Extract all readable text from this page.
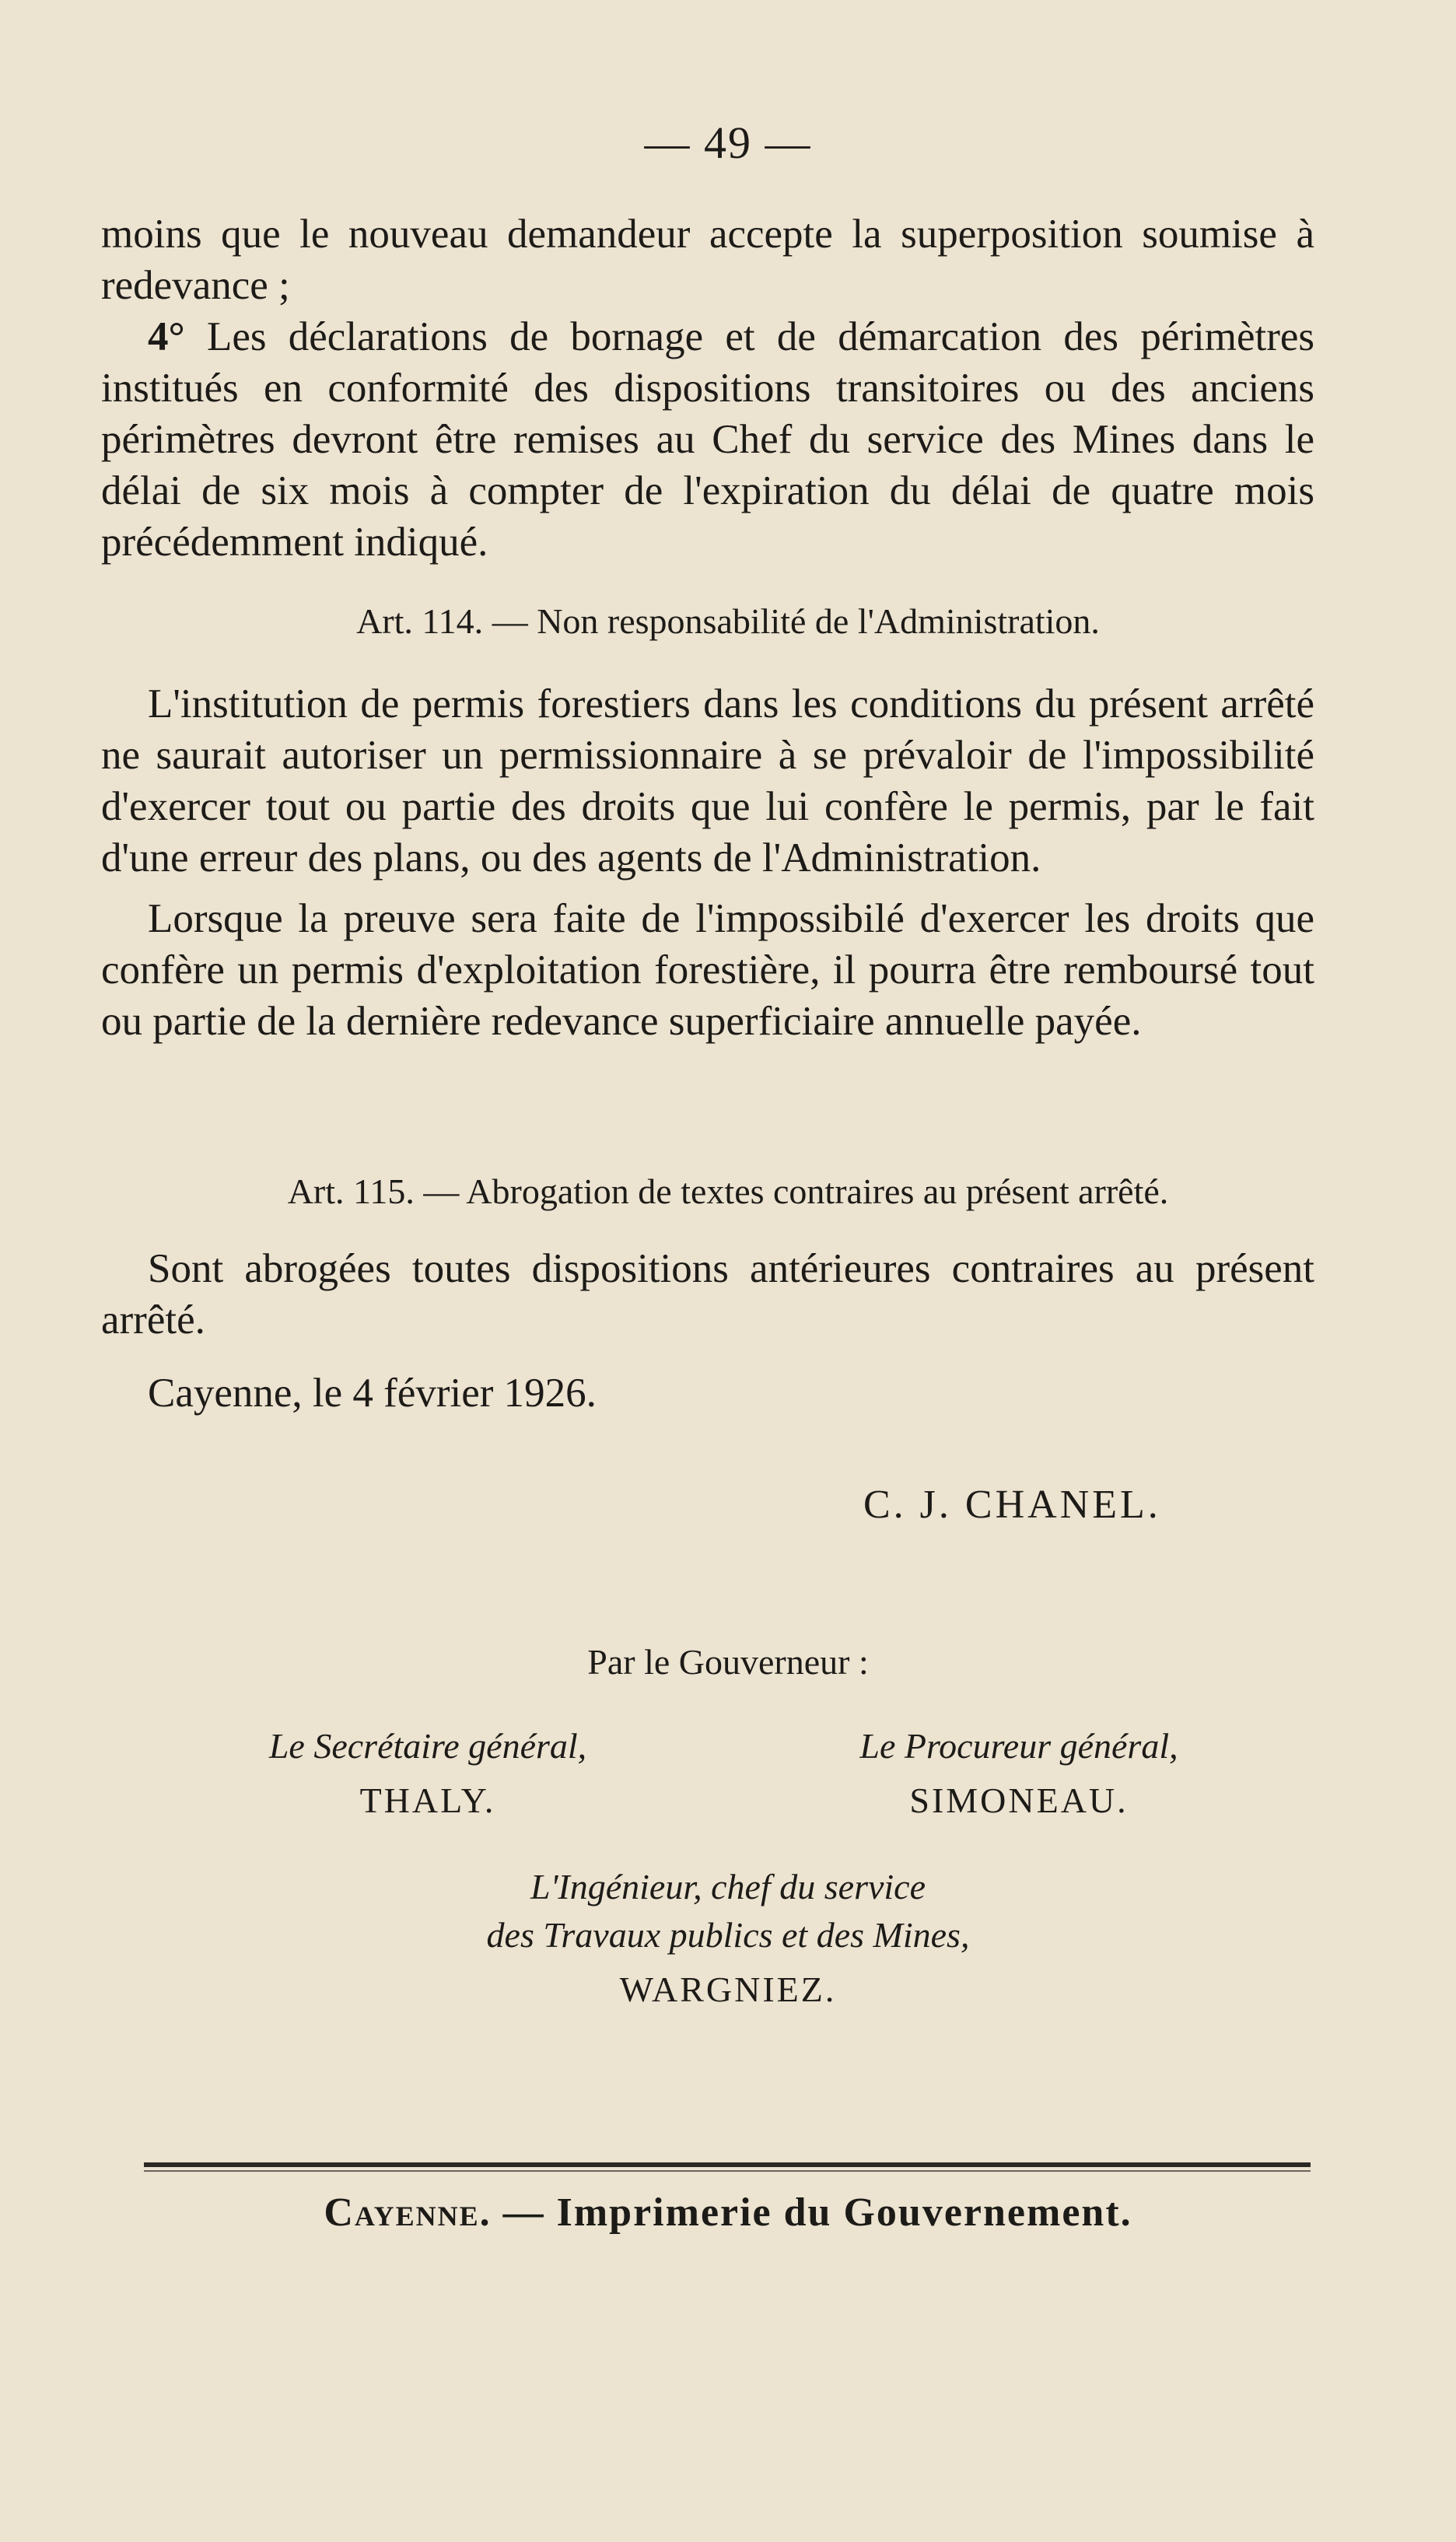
— 49 —

moins que le nouveau demandeur accepte la superposition soumise à redevance ;

4° Les déclarations de bornage et de démarcation des périmètres institués en conformité des dispositions transitoires ou des anciens périmètres devront être remises au Chef du service des Mines dans le délai de six mois à compter de l'expiration du délai de quatre mois précédemment indiqué.

Art. 114. — Non responsabilité de l'Administration.

L'institution de permis forestiers dans les conditions du présent arrêté ne saurait autoriser un permissionnaire à se prévaloir de l'impossibilité d'exercer tout ou partie des droits que lui confère le permis, par le fait d'une erreur des plans, ou des agents de l'Administration.

Lorsque la preuve sera faite de l'impossibilé d'exercer les droits que confère un permis d'exploitation forestière, il pourra être remboursé tout ou partie de la dernière redevance superficiaire annuelle payée.

Art. 115. — Abrogation de textes contraires au présent arrêté.

Sont abrogées toutes dispositions antérieures contraires au présent arrêté.

Cayenne, le 4 février 1926.

C. J. CHANEL.
Par le Gouverneur :
Le Secrétaire général,
THALY.
Le Procureur général,
SIMONEAU.
L'Ingénieur, chef du service
des Travaux publics et des Mines,
WARGNIEZ.
Cayenne. — Imprimerie du Gouvernement.
